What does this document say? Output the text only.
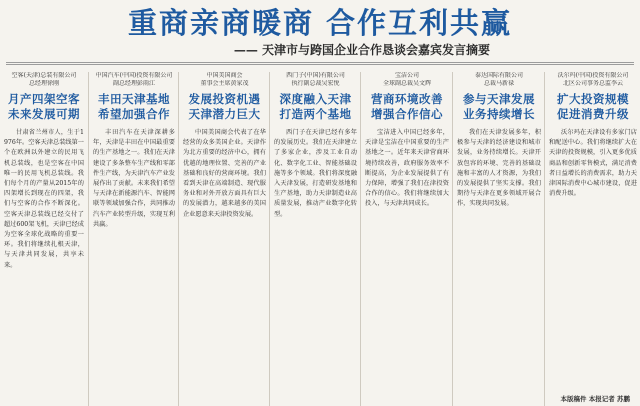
重商亲商暖商 合作互利共赢
—— 天津市与跨国企业合作恳谈会嘉宾发言摘要
空客(天津)总装有限公司
总经理徐刚
月产四架空客
未来发展可期
甘肃省兰州市人，生于1976年。空客天津总装线第一个在欧洲以外建立的民用飞机总装线，也是空客在中国唯一的民用飞机总装线。我们每个月的产量从2015年的四架增长到现在的四架，我们与空客的合作不断深化。空客天津总装线已经交付了超过600架飞机，天津已经成为空客全球化战略的重要一环。我们将继续扎根天津，与天津共同发展，共享未来。
中国汽车(中国)投资有限公司
副总经理彭雨江
丰田天津基地
希望加强合作
丰田汽车在天津深耕多年，天津是丰田在中国最重要的生产基地之一。我们在天津建设了多条整车生产线和零部件生产线，为天津汽车产业发展作出了贡献。未来我们希望与天津在新能源汽车、智能网联等领域加强合作，共同推动汽车产业转型升级，实现互利共赢。
中国美国商会
董事会主席黄家茂
发展投资机遇
天津潜力巨大
中国美国商会代表了在华经营的众多美国企业。天津作为北方重要的经济中心，拥有优越的地理位置、完善的产业基础和良好的营商环境。我们看到天津在高端制造、现代服务业和对外开放方面具有巨大的发展潜力，越来越多的美国企业愿意来天津投资发展。
西门子(中国)有限公司
执行副总裁吴宏悦
深度融入天津
打造两个基地
西门子在天津已经有多年的发展历史。我们在天津建立了多家企业，涉及工业自动化、数字化工业、智能基础设施等多个领域。我们将深度融入天津发展，打造研发基地和生产基地，助力天津制造业高质量发展，推动产业数字化转型。
宝洁公司
全球副总裁吴文辉
营商环境改善
增强合作信心
宝洁进入中国已经多年，天津是宝洁在中国重要的生产基地之一。近年来天津营商环境持续改善，政府服务效率不断提高，为企业发展提供了有力保障，增强了我们在津投资合作的信心。我们将继续加大投入，与天津共同成长。
泰达国际有限公司
总裁马新禄
参与天津发展
业务持续增长
我们在天津发展多年，积极参与天津的经济建设和城市发展，业务持续增长。天津开放包容的环境、完善的基础设施和丰富的人才资源，为我们的发展提供了坚实支撑。我们期待与天津在更多领域开展合作，实现共同发展。
沃尔玛(中国)投资有限公司
北区公司事务总监李云
扩大投资规模
促进消费升级
沃尔玛在天津设有多家门店和配送中心。我们将继续扩大在天津的投资规模，引入更多优质商品和创新零售模式，满足消费者日益增长的消费需求，助力天津国际消费中心城市建设，促进消费升级。
本版稿件 本报记者 苏鹏
